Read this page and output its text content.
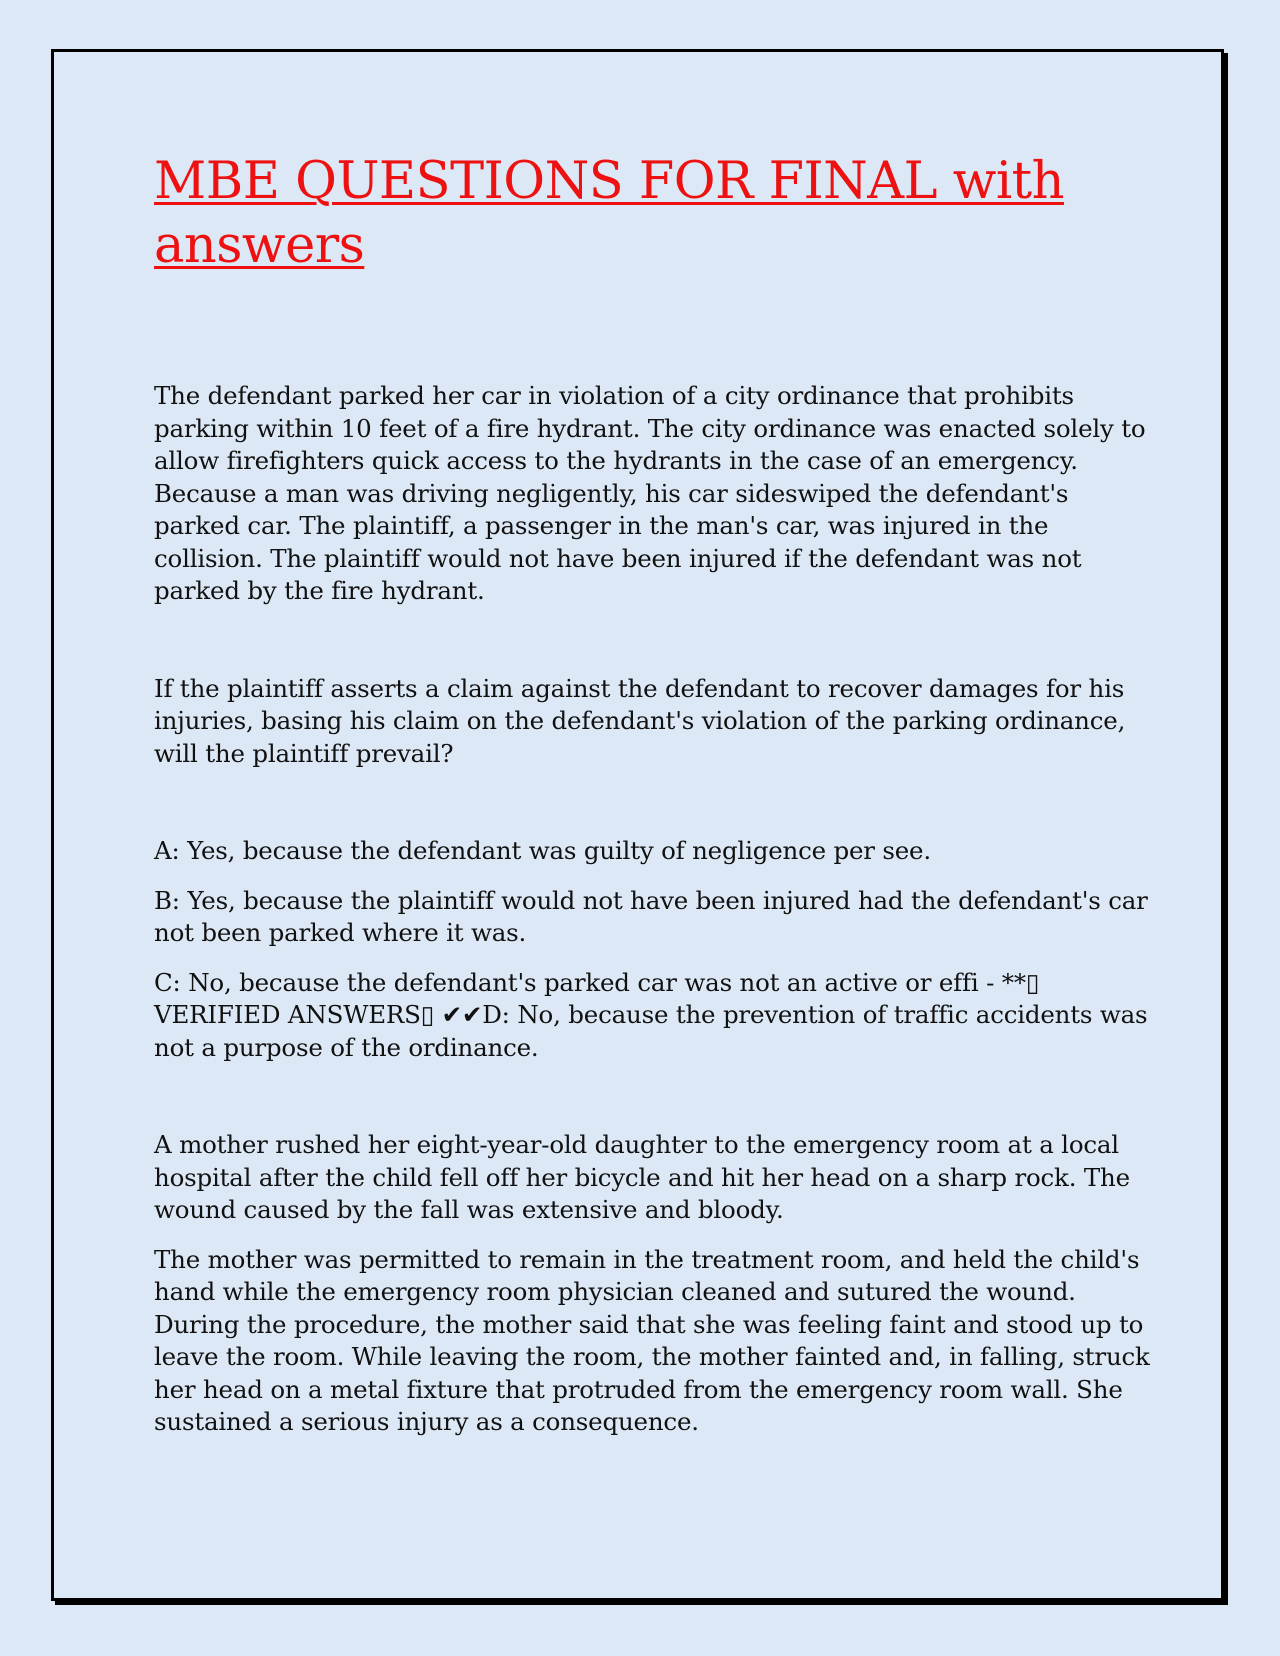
MBE QUESTIONS FOR FINAL with answers

The defendant parked her car in violation of a city ordinance that prohibits parking within 10 feet of a fire hydrant. The city ordinance was enacted solely to allow firefighters quick access to the hydrants in the case of an emergency. Because a man was driving negligently, his car sideswiped the defendant's parked car. The plaintiff, a passenger in the man's car, was injured in the collision. The plaintiff would not have been injured if the defendant was not parked by the fire hydrant.

If the plaintiff asserts a claim against the defendant to recover damages for his injuries, basing his claim on the defendant's violation of the parking ordinance, will the plaintiff prevail?

A: Yes, because the defendant was guilty of negligence per see.

B: Yes, because the plaintiff would not have been injured had the defendant's car not been parked where it was.

C: No, because the defendant's parked car was not an active or effi - **▯ VERIFIED ANSWERS▯ ✔✔D: No, because the prevention of traffic accidents was not a purpose of the ordinance.

A mother rushed her eight-year-old daughter to the emergency room at a local hospital after the child fell off her bicycle and hit her head on a sharp rock. The wound caused by the fall was extensive and bloody.

The mother was permitted to remain in the treatment room, and held the child's hand while the emergency room physician cleaned and sutured the wound. During the procedure, the mother said that she was feeling faint and stood up to leave the room. While leaving the room, the mother fainted and, in falling, struck her head on a metal fixture that protruded from the emergency room wall. She sustained a serious injury as a consequence.
